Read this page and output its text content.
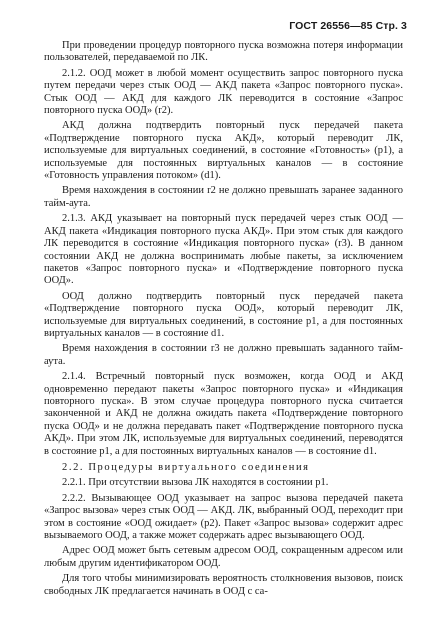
ГОСТ 26556—85 Стр. 3

При проведении процедур повторного пуска возможна потеря информации пользователей, передаваемой по ЛК.

2.1.2. ООД может в любой момент осуществить запрос повторного пуска путем передачи через стык ООД — АКД пакета «Запрос повторного пуска». Стык ООД — АКД для каждого ЛК переводится в состояние «Запрос повторного пуска ООД» (r2).

АКД должна подтвердить повторный пуск передачей пакета «Подтверждение повторного пуска АКД», который переводит ЛК, используемые для виртуальных соединений, в состояние «Готовность» (p1), а используемые для постоянных виртуальных каналов — в состояние «Готовность управления потоком» (d1).

Время нахождения в состоянии r2 не должно превышать заранее заданного тайм-аута.

2.1.3. АКД указывает на повторный пуск передачей через стык ООД — АКД пакета «Индикация повторного пуска АКД». При этом стык для каждого ЛК переводится в состояние «Индикация повторного пуска» (r3). В данном состоянии АКД не должна воспринимать любые пакеты, за исключением пакетов «Запрос повторного пуска» и «Подтверждение повторного пуска ООД».

ООД должно подтвердить повторный пуск передачей пакета «Подтверждение повторного пуска ООД», который переводит ЛК, используемые для виртуальных соединений, в состояние p1, а для постоянных виртуальных каналов — в состояние d1.

Время нахождения в состоянии r3 не должно превышать заданного тайм-аута.

2.1.4. Встречный повторный пуск возможен, когда ООД и АКД одновременно передают пакеты «Запрос повторного пуска» и «Индикация повторного пуска». В этом случае процедура повторного пуска считается законченной и АКД не должна ожидать пакета «Подтверждение повторного пуска ООД» и не должна передавать пакет «Подтверждение повторного пуска АКД». При этом ЛК, используемые для виртуальных соединений, переводятся в состояние p1, а для постоянных виртуальных каналов — в состояние d1.

2.2. Процедуры виртуального соединения

2.2.1. При отсутствии вызова ЛК находятся в состоянии p1.

2.2.2. Вызывающее ООД указывает на запрос вызова передачей пакета «Запрос вызова» через стык ООД — АКД. ЛК, выбранный ООД, переходит при этом в состояние «ООД ожидает» (p2). Пакет «Запрос вызова» содержит адрес вызываемого ООД, а также может содержать адрес вызывающего ООД.

Адрес ООД может быть сетевым адресом ООД, сокращенным адресом или любым другим идентификатором ООД.

Для того чтобы минимизировать вероятность столкновения вызовов, поиск свободных ЛК предлагается начинать в ООД с са-
